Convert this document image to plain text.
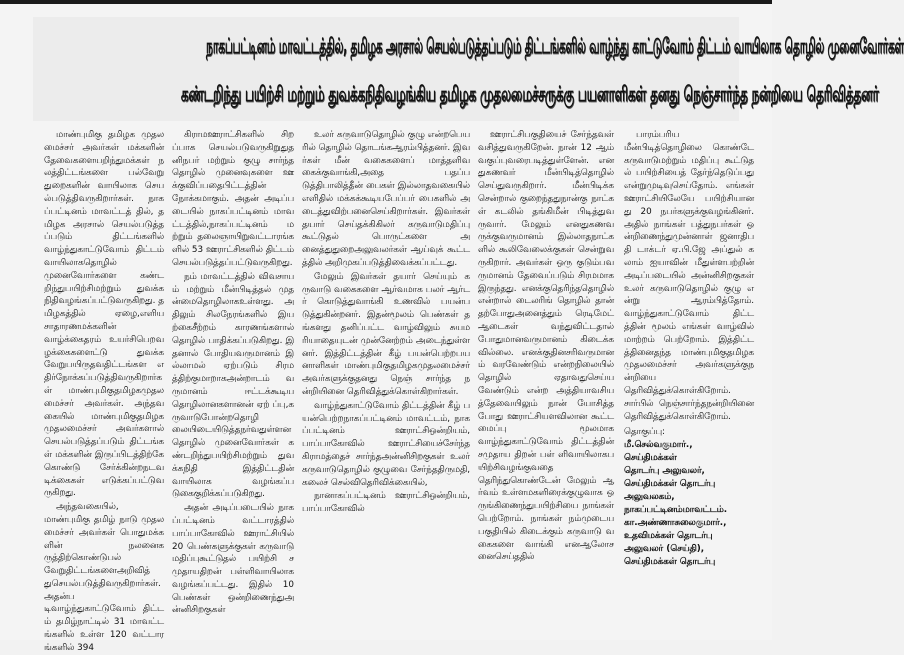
நாகப்பட்டினம் மாவட்டத்தில், தமிழக அரசால் செயல்படுத்தப்படும் திட்டங்களில் வாழ்ந்து காட்டுவோம் திட்டம் வாயிலாக தொழில் முனைவோர்கள்
கண்டறிந்து பயிற்சி மற்றும் துவக்கநிதிவழங்கிய தமிழக முதலமைச்சருக்கு பயனாளிகள் தனது நெஞ்சார்ந்த நன்றியை தெரிவித்தனர்

மாண்புமிகு தமிழக முதலமைச்சர் அவர்கள் மக்களின் தேவைகளையறிந்துமக்கள் நலத்திட்டங்களை பல்வேறு துறைகளின் வாயிலாக செயல்படுத்திவருகிறார்கள். நாகப்பட்டினம் மாவட்டத் தில், தமிழக அரசால் செயல்படுத்தப்படும் திட்டங்களில் வாழ்ந்துகாட்டுவோம் திட்டம் வாயிலாகதொழில் முனைவோர்களை கண்டறிந்துபயிற்சிமற்றும் துவக்கநிதிவழங்கப்பட்டுவருகிறது. தமிழகத்தில் ஏழை,எளிய சாதாரணமக்களின் வாழ்க்கைதரம் உயர்சிபெறவழக்கைகளைட்டு துவக்கவேறுபயிருதவதிட்டங்கள எதிர்நோக்கப்படுத்திவருகிறார்கள் மாண்புமிகுதமிழகமுதலமைச்சர் அவர்கள். அந்தவகையில் மாண்புமிகுதமிழகமுதலமைச்சர் அவர்களால் செயல்படுத்தப்படும் திட்டங்கள் மக்களின் இருப்பிடத்திற்கே கொண்டு சேர்க்கின்றநடவடிக்கைகள் எடுக்கப்பட்டுவருகிறது.

அந்தவகையில், மாண்புமிகு தமிழ் நாடு முதலமைச்சர் அவர்கள் பொதுமக்களின் நலனைகருத்திற்கொண்டுபல் வேறுதிட்டங்களைஅறிவித் துசெயல்படுத்திவருகிறார்கள். அதன்படிவாழ்ந்துகாட்டுவோம் திட்டம் தமிழ்நாட்டில் 31 மாவட்டங்களில் உள்ள 120 வட்டாரங்களில் 394

கிராமஊராட்சிகளில் சிறப்பாக செயல்படுவருகிறுதுதனிநபர் மற்றும் குழு சார்ந்ததொழில் முனைவுகளை ஊக்குவிப்பதைபிட்டத்தின் நோக்கமாகும். அதன் அடிப்படையில் நாகப்பட்டினம் மாவட்டத்தில்,நாகப்பட்டினம் மற்றும் தலைஞாயிறுவட்டாரங்களில் 53 ஊராட்சிகளில் திட்டம் செயல்படுத்தப்பட்டுவருகிறது.

நம் மாவட்டத்தில் விவசாயம் மற்றும் மீன்பிடித்தல் முதன்மைதொழிலாகஉள்ளது. அதிலும் சிலநேரங்களில் இயற்கைசீற்றம் காரணங்களால் தொழில் பாதிக்கப்படுகிறது. இதனால் போதியவருமானம் இல்லாமல் ஏற்படும் சிரமத்திற்குமாறாகஅன்றாடம் வருமானம் ஈட்டக்கூடிய தொழிலானகளானன் ஏற் ப்பு,கருவாடுபோன்றதொழி லையிடையிடுத்தநர்வதுள்ளன தொழில் முனைவோர்கள் கண்டறிந்துபயிற்சிமற்றும் துவக்கநிதி இத்திட்டதின் வாயிலாக வழங்கப்படுகைகுறிக்கப்படுகிறது.

அதன் அடிப்படையில் நாகப்பட்டினம் வட்டாரத்தில் பாப்பாகோவில் ஊராட்சியில் 20 பெண்களுக்குகள் கருவாடு மதிப்புகூட்டுதல் பயிற்சி சமுதாயதிறன் பள்ளிவாயிலாக வழங்கப்பட்டது. இதில் 10 பெண்கள் ஒன்றிணைந்துஅன்னிசிறகுகள்

உலர் கருவாடுதொழில் குழு என்றபெயரில் தொழில் தொடங்கஆரம்பித்தனர். இவர்கள் மீன் வகைகளைப் மாத்தளிவகைக்குவாங்கி,அதை பதப்படுத்திபாலித்தீன் பைகள் இல்லாதவகையில் எளிதில் மக்கக்கூடியபேப்பர் பைகளில் அடைத்துவிற்பனைசெய்கிறார்கள். இவர்கள் தயார் செய்தக்கிகிலர் கருவாடுமதிப்பு கூட்டுதல் பொருட்களை அனைத்துதுறைஅலுவலர்கள் ஆய்வுக் கூட்டத்தில் அறிமுகப்படுத்திவைக்கப்பட்டது.

மேலும் இவர்கள் தயார் செய்யும் கருவாடு வகைகளை ஆர்வமாக பலர் ஆர்டர் கொடுத்துவாங்கி உணவில் பயன்படுத்துகின்றனர். இதன்மூலம் பெண்கள் தங்களது தனிப்பட்ட வாழ்விலும் சுயமரியாதையுடன் முன்னேற்றம் அடைந்துள்ளனர். இத்திட்டத்தின் கீழ் பயன்பெற்றபயனாளிகள் மாண்புமிகுதமிழகமுதலமைச்சர் அவர்களுக்குதனது நெஞ் சார்ந்த நன்றியினை தெரிவித்துக்கொள்கிறார்கள்.

வாழ்ந்துகாட்டுவோம் திட்டத்தின் கீழ் பயன்பெற்றநாகப்பட்டினம் மாவட்டம், நாகப்பட்டினம் ஊராட்சிஒன்றியம்,பாப்பாகோவில் ஊராட்சியைச்சேர்ந்த கிராமத்தைச் சார்ந்தஅன்னிசிறகுகள் உலர் கருவாடுதொழில் குழுவை சேர்ந்ததிருமதி, கலைச் செல்விதெரிவிக்கையில்,

நானாகப்பட்டினம் ஊராட்சிஒன்றியம்,பாப்பாகோவில்

ஊராட்சிபகுதியைச் சேர்ந்தவள் வசித்துவருகிறேன். நான் 12 ஆம் வகுப்புவரைபடித்துள்ளேன். எனதுகணவர் மீன்பிடித்தொழில் செய்துவருகிறார். மீன்பிடிக்க சென்றால் குறைந்ததுநான்கு நாட்கள் கடலில் தங்கிமீன் பிடித்துவருவார். மேலும் எனதுகணவருக்குவருமானம் இல்லாதநாட்களில் கூலிவேலைக்குகள் சென்றுவருகிறார். அவர்கள் ஒரு குடும்பவருமானம் தேவைப்படும் சிரமமாகஇருந்தது. எனக்குதெரிந்ததொழில் என்றால் டைலரிங் தொழில் தான் தற்போதுஅனைத்தும் ரெடிமேட் ஆடைகள் வந்துவிட்டதால் போதுமானவருமானம் கிடைக்கவில்லை. எனக்குதினசரிவருமானம் வரவேண்டும் என்றநிலையில் தொழில் ஏதாவதுசெய்யவேண்டும் என்ற அத்தியாவசியத்தேவையிலும் நான் யோசித்த போது ஊராட்சியளவிலான கூட்டமைப்பு மூலமாகவாழ்ந்துகாட்டுவோம் திட்டத்தின் சமுதாய திறன் பள் ளிவாயிலாகபயிற்சிவழங்குவதை தெரிந்துகொண்டேன் மேலும் ஆர்வம் உள்ளமகளிரைக்குழுவாக ஒருங்கிணைந்துபயிற்சியை நாங்கள் பெற்றோம். நாங்கள் நம்முடைய பகுதியில் கிடைக்கும் கருவாடு வகைகளை வாங்கி எனஆலோசனைசெய்ததில்

பாரம்பரியமீன்பிடித்தொழிலை கொண்டே கருவாடுமற்றும் மதிப்பு கூட்டுதல் பயிற்சியைத் தேர்ந்தெடுப்பது என்றுமுடிவுசெய்தோம். எங்கள் ஊராட்சியிலேயே பயிற்சியானது 20 நபர்களுக்குவழங்கினர். அதில் நாங்கள் பத்துநபர்கள் ஒன்றிணைந்துமுன்னாள் ஜனாதிபதி டாக்டர் ஏ.பி.ஜே அப்துல் கலாம் ஐயாவின் மீதுள்ளபற்றின் அடிப்படையில் அன்னிசிறகுகள் உலர் கருவாடுதொழில் குழு என்று ஆரம்பித்தோம். வாழ்ந்துகாட்டுவோம் திட்டத்தின் மூலம் எங்கள் வாழ்வில் மாற்றம் பெற்றோம். இத்திட்டத்தினைதந்த மாண்புமிகுதமிழகமுதலமைச்சர் அவர்களுக்குநன்றியை தெரிவித்துக்கொள்கிறோம். சார்பில் நெஞ்சார்ந்தநன்றியினை தெரிவித்துக்கொள்கிறோம்.

தொகுப்பு:
மீ.செல்வகுமார்.,
செய்திமக்கள்
தொடர்பு அலுவலர்,
செய்திமக்கள் தொடர்பு
அலுவலகம்,
நாகப்பட்டினம்மாவட்டம்.
கா.அண்ணாசுலைகுமார்.,
உதவிமக்கள் தொடர்பு
அலுவலர் (செய்தி),
செய்திமக்கள் தொடர்பு
